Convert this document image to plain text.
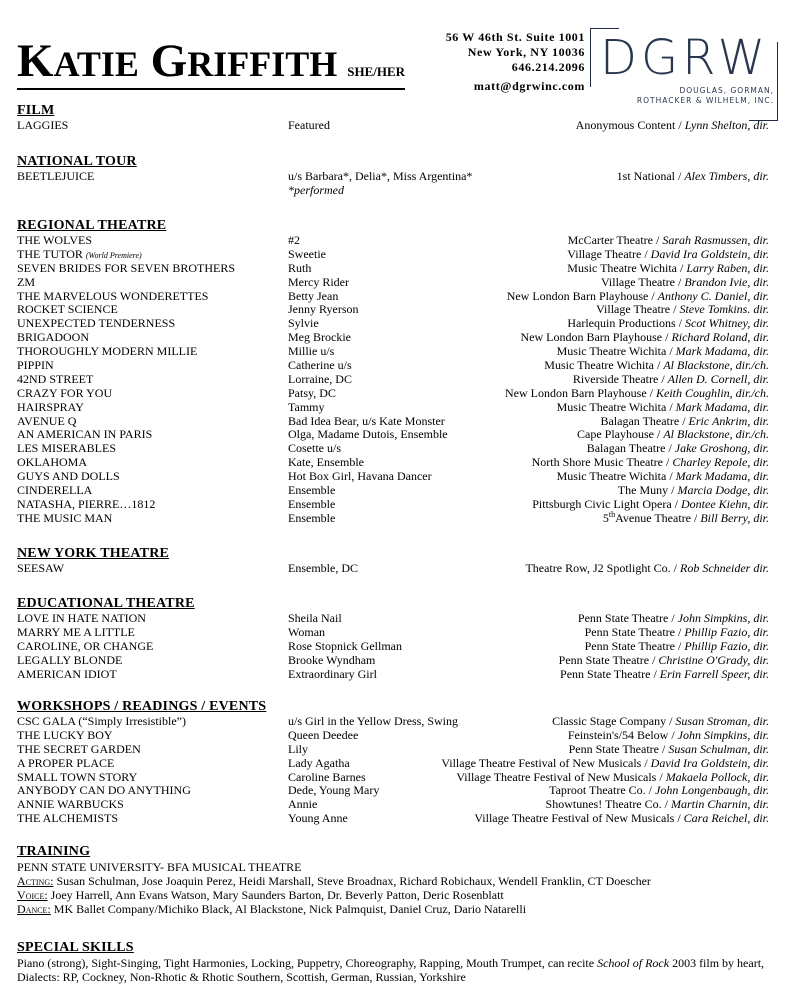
KATIE GRIFFITH SHE/HER
56 W 46th St. Suite 1001
New York, NY 10036
646.214.2096
matt@dgrwinc.com DGRW
DOUGLAS, GORMAN,
ROTHACKER & WILHELM, INC.
FILM
LAGGIES	Featured	Anonymous Content / Lynn Shelton, dir.
NATIONAL TOUR
BEETLEJUICE	u/s Barbara*, Delia*, Miss Argentina*	1st National / Alex Timbers, dir.
*performed
REGIONAL THEATRE
THE WOLVES	#2	McCarter Theatre / Sarah Rasmussen, dir.
THE TUTOR (World Premiere)	Sweetie	Village Theatre / David Ira Goldstein, dir.
SEVEN BRIDES FOR SEVEN BROTHERS	Ruth	Music Theatre Wichita / Larry Raben, dir.
ZM	Mercy Rider	Village Theatre / Brandon Ivie, dir.
THE MARVELOUS WONDERETTES	Betty Jean	New London Barn Playhouse / Anthony C. Daniel, dir.
ROCKET SCIENCE	Jenny Ryerson	Village Theatre / Steve Tomkins. dir.
UNEXPECTED TENDERNESS	Sylvie	Harlequin Productions / Scot Whitney, dir.
BRIGADOON	Meg Brockie	New London Barn Playhouse / Richard Roland, dir.
THOROUGHLY MODERN MILLIE	Millie u/s	Music Theatre Wichita / Mark Madama, dir.
PIPPIN	Catherine u/s	Music Theatre Wichita / Al Blackstone, dir./ch.
42ND STREET	Lorraine, DC	Riverside Theatre / Allen D. Cornell, dir.
CRAZY FOR YOU	Patsy, DC	New London Barn Playhouse / Keith Coughlin, dir./ch.
HAIRSPRAY	Tammy	Music Theatre Wichita / Mark Madama, dir.
AVENUE Q	Bad Idea Bear, u/s Kate Monster	Balagan Theatre / Eric Ankrim, dir.
AN AMERICAN IN PARIS	Olga, Madame Dutois, Ensemble	Cape Playhouse / Al Blackstone, dir./ch.
LES MISERABLES	Cosette u/s	Balagan Theatre / Jake Groshong, dir.
OKLAHOMA	Kate, Ensemble	North Shore Music Theatre / Charley Repole, dir.
GUYS AND DOLLS	Hot Box Girl, Havana Dancer	Music Theatre Wichita / Mark Madama, dir.
CINDERELLA	Ensemble	The Muny / Marcia Dodge, dir.
NATASHA, PIERRE…1812	Ensemble	Pittsburgh Civic Light Opera / Dontee Kiehn, dir.
THE MUSIC MAN	Ensemble	5thAvenue Theatre / Bill Berry, dir.
NEW YORK THEATRE
SEESAW	Ensemble, DC	Theatre Row, J2 Spotlight Co. / Rob Schneider dir.
EDUCATIONAL THEATRE
LOVE IN HATE NATION	Sheila Nail	Penn State Theatre / John Simpkins, dir.
MARRY ME A LITTLE	Woman	Penn State Theatre / Phillip Fazio, dir.
CAROLINE, OR CHANGE	Rose Stopnick Gellman	Penn State Theatre / Phillip Fazio, dir.
LEGALLY BLONDE	Brooke Wyndham	Penn State Theatre / Christine O'Grady, dir.
AMERICAN IDIOT	Extraordinary Girl	Penn State Theatre / Erin Farrell Speer, dir.
WORKSHOPS / READINGS / EVENTS
CSC GALA (“Simply Irresistible”)	u/s Girl in the Yellow Dress, Swing	Classic Stage Company / Susan Stroman, dir.
THE LUCKY BOY	Queen Deedee	Feinstein's/54 Below / John Simpkins, dir.
THE SECRET GARDEN	Lily	Penn State Theatre / Susan Schulman, dir.
A PROPER PLACE	Lady Agatha	Village Theatre Festival of New Musicals / David Ira Goldstein, dir.
SMALL TOWN STORY	Caroline Barnes	Village Theatre Festival of New Musicals / Makaela Pollock, dir.
ANYBODY CAN DO ANYTHING	Dede, Young Mary	Taproot Theatre Co. / John Longenbaugh, dir.
ANNIE WARBUCKS	Annie	Showtunes! Theatre Co. / Martin Charnin, dir.
THE ALCHEMISTS	Young Anne	Village Theatre Festival of New Musicals / Cara Reichel, dir.
TRAINING
PENN STATE UNIVERSITY- BFA MUSICAL THEATRE
Acting: Susan Schulman, Jose Joaquin Perez, Heidi Marshall, Steve Broadnax, Richard Robichaux, Wendell Franklin, CT Doescher
Voice: Joey Harrell, Ann Evans Watson, Mary Saunders Barton, Dr. Beverly Patton, Deric Rosenblatt
Dance: MK Ballet Company/Michiko Black, Al Blackstone, Nick Palmquist, Daniel Cruz, Dario Natarelli
SPECIAL SKILLS
Piano (strong), Sight-Singing, Tight Harmonies, Locking, Puppetry, Choreography, Rapping, Mouth Trumpet, can recite School of Rock 2003 film by heart, Dialects: RP, Cockney, Non-Rhotic & Rhotic Southern, Scottish, German, Russian, Yorkshire
